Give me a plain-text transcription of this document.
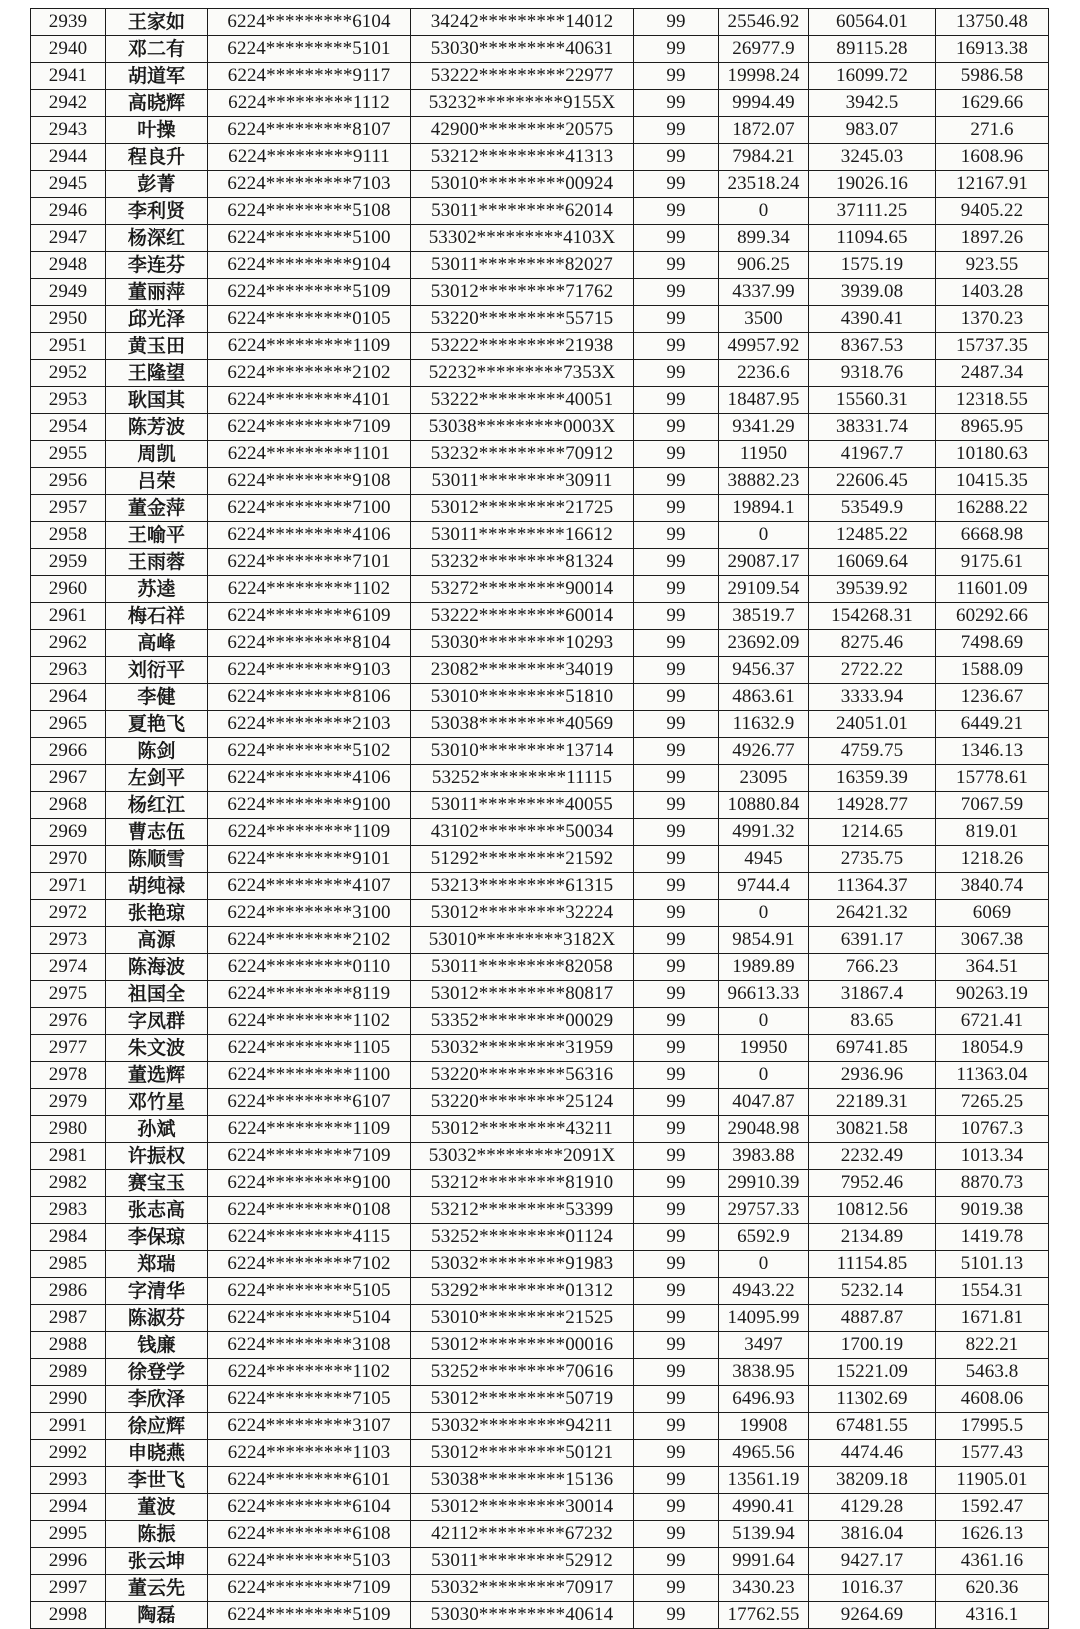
2939	王家如	6224*********6104	34242*********14012	99	25546.92	60564.01	13750.48
2940	邓二有	6224*********5101	53030*********40631	99	26977.9	89115.28	16913.38
2941	胡道军	6224*********9117	53222*********22977	99	19998.24	16099.72	5986.58
2942	高晓辉	6224*********1112	53232*********9155X	99	9994.49	3942.5	1629.66
2943	叶操	6224*********8107	42900*********20575	99	1872.07	983.07	271.6
2944	程良升	6224*********9111	53212*********41313	99	7984.21	3245.03	1608.96
2945	彭菁	6224*********7103	53010*********00924	99	23518.24	19026.16	12167.91
2946	李利贤	6224*********5108	53011*********62014	99	0	37111.25	9405.22
2947	杨深红	6224*********5100	53302*********4103X	99	899.34	11094.65	1897.26
2948	李连芬	6224*********9104	53011*********82027	99	906.25	1575.19	923.55
2949	董丽萍	6224*********5109	53012*********71762	99	4337.99	3939.08	1403.28
2950	邱光泽	6224*********0105	53220*********55715	99	3500	4390.41	1370.23
2951	黄玉田	6224*********1109	53222*********21938	99	49957.92	8367.53	15737.35
2952	王隆望	6224*********2102	52232*********7353X	99	2236.6	9318.76	2487.34
2953	耿国其	6224*********4101	53222*********40051	99	18487.95	15560.31	12318.55
2954	陈芳波	6224*********7109	53038*********0003X	99	9341.29	38331.74	8965.95
2955	周凯	6224*********1101	53232*********70912	99	11950	41967.7	10180.63
2956	吕荣	6224*********9108	53011*********30911	99	38882.23	22606.45	10415.35
2957	董金萍	6224*********7100	53012*********21725	99	19894.1	53549.9	16288.22
2958	王喻平	6224*********4106	53011*********16612	99	0	12485.22	6668.98
2959	王雨蓉	6224*********7101	53232*********81324	99	29087.17	16069.64	9175.61
2960	苏逵	6224*********1102	53272*********90014	99	29109.54	39539.92	11601.09
2961	梅石祥	6224*********6109	53222*********60014	99	38519.7	154268.31	60292.66
2962	高峰	6224*********8104	53030*********10293	99	23692.09	8275.46	7498.69
2963	刘衍平	6224*********9103	23082*********34019	99	9456.37	2722.22	1588.09
2964	李健	6224*********8106	53010*********51810	99	4863.61	3333.94	1236.67
2965	夏艳飞	6224*********2103	53038*********40569	99	11632.9	24051.01	6449.21
2966	陈剑	6224*********5102	53010*********13714	99	4926.77	4759.75	1346.13
2967	左剑平	6224*********4106	53252*********11115	99	23095	16359.39	15778.61
2968	杨红江	6224*********9100	53011*********40055	99	10880.84	14928.77	7067.59
2969	曹志伍	6224*********1109	43102*********50034	99	4991.32	1214.65	819.01
2970	陈顺雪	6224*********9101	51292*********21592	99	4945	2735.75	1218.26
2971	胡纯禄	6224*********4107	53213*********61315	99	9744.4	11364.37	3840.74
2972	张艳琼	6224*********3100	53012*********32224	99	0	26421.32	6069
2973	高源	6224*********2102	53010*********3182X	99	9854.91	6391.17	3067.38
2974	陈海波	6224*********0110	53011*********82058	99	1989.89	766.23	364.51
2975	祖国全	6224*********8119	53012*********80817	99	96613.33	31867.4	90263.19
2976	字凤群	6224*********1102	53352*********00029	99	0	83.65	6721.41
2977	朱文波	6224*********1105	53032*********31959	99	19950	69741.85	18054.9
2978	董选辉	6224*********1100	53220*********56316	99	0	2936.96	11363.04
2979	邓竹星	6224*********6107	53220*********25124	99	4047.87	22189.31	7265.25
2980	孙斌	6224*********1109	53012*********43211	99	29048.98	30821.58	10767.3
2981	许振权	6224*********7109	53032*********2091X	99	3983.88	2232.49	1013.34
2982	赛宝玉	6224*********9100	53212*********81910	99	29910.39	7952.46	8870.73
2983	张志高	6224*********0108	53212*********53399	99	29757.33	10812.56	9019.38
2984	李保琼	6224*********4115	53252*********01124	99	6592.9	2134.89	1419.78
2985	郑瑞	6224*********7102	53032*********91983	99	0	11154.85	5101.13
2986	字清华	6224*********5105	53292*********01312	99	4943.22	5232.14	1554.31
2987	陈淑芬	6224*********5104	53010*********21525	99	14095.99	4887.87	1671.81
2988	钱廉	6224*********3108	53012*********00016	99	3497	1700.19	822.21
2989	徐登学	6224*********1102	53252*********70616	99	3838.95	15221.09	5463.8
2990	李欣泽	6224*********7105	53012*********50719	99	6496.93	11302.69	4608.06
2991	徐应辉	6224*********3107	53032*********94211	99	19908	67481.55	17995.5
2992	申晓燕	6224*********1103	53012*********50121	99	4965.56	4474.46	1577.43
2993	李世飞	6224*********6101	53038*********15136	99	13561.19	38209.18	11905.01
2994	董波	6224*********6104	53012*********30014	99	4990.41	4129.28	1592.47
2995	陈振	6224*********6108	42112*********67232	99	5139.94	3816.04	1626.13
2996	张云坤	6224*********5103	53011*********52912	99	9991.64	9427.17	4361.16
2997	董云先	6224*********7109	53032*********70917	99	3430.23	1016.37	620.36
2998	陶磊	6224*********5109	53030*********40614	99	17762.55	9264.69	4316.1
